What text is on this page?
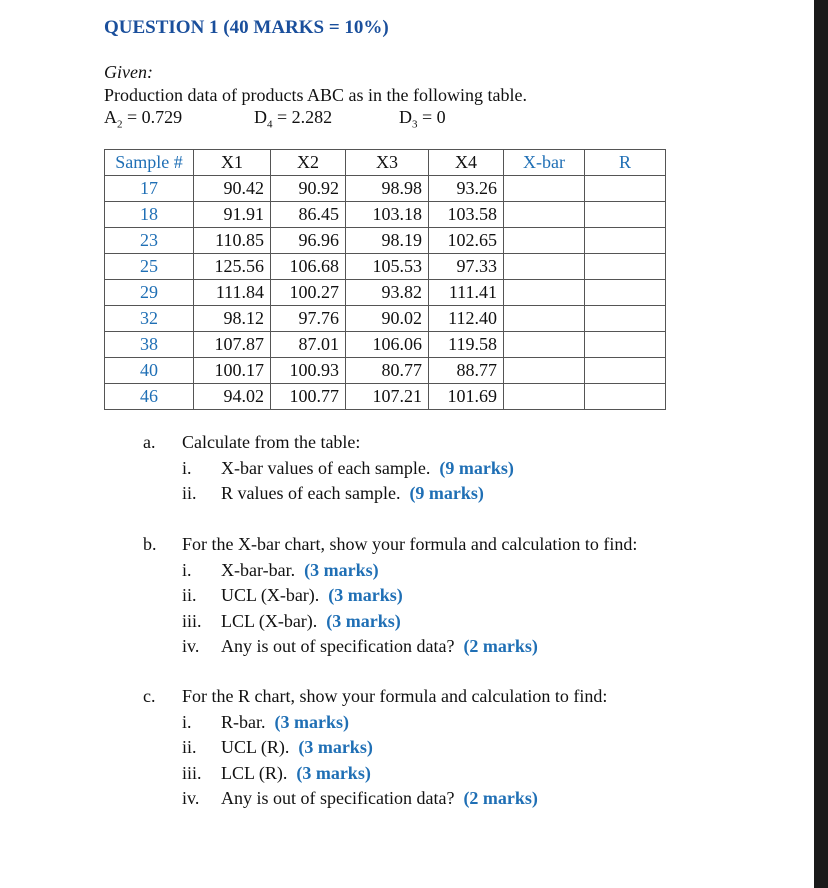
QUESTION 1 (40 MARKS = 10%)
Given:
Production data of products ABC as in the following table.
$A_2 = 0.729$	$D_4 = 2.282$	$D_3 = 0$
Sample #	X1	X2	X3	X4	X-bar	R
17	90.42	90.92	98.98	93.26		
18	91.91	86.45	103.18	103.58		
23	110.85	96.96	98.19	102.65		
25	125.56	106.68	105.53	97.33		
29	111.84	100.27	93.82	111.41		
32	98.12	97.76	90.02	112.40		
38	107.87	87.01	106.06	119.58		
40	100.17	100.93	80.77	88.77		
46	94.02	100.77	107.21	101.69		
a. Calculate from the table:
i. X-bar values of each sample. (9 marks)
ii. R values of each sample. (9 marks)
b. For the X-bar chart, show your formula and calculation to find:
i. X-bar-bar. (3 marks)
ii. UCL (X-bar). (3 marks)
iii. LCL (X-bar). (3 marks)
iv. Any is out of specification data? (2 marks)
c. For the R chart, show your formula and calculation to find:
i. R-bar. (3 marks)
ii. UCL (R). (3 marks)
iii. LCL (R). (3 marks)
iv. Any is out of specification data? (2 marks)
